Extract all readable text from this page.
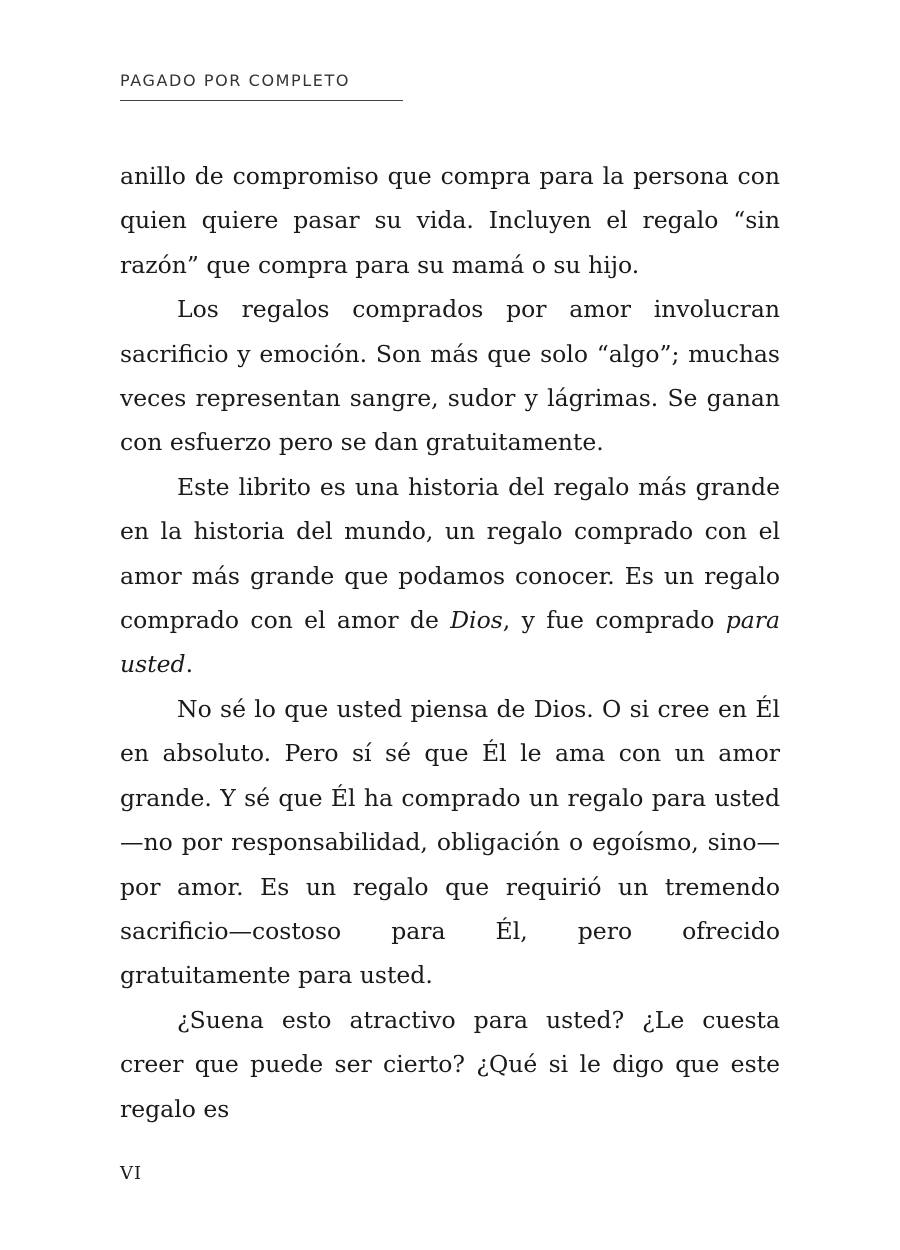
PAGADO POR COMPLETO

anillo de compromiso que compra para la persona con quien quiere pasar su vida. Incluyen el regalo “sin razón” que compra para su mamá o su hijo.

Los regalos comprados por amor involucran sacrificio y emoción. Son más que solo “algo”; muchas veces representan sangre, sudor y lágrimas. Se ganan con esfuerzo pero se dan gratuitamente.

Este librito es una historia del regalo más grande en la historia del mundo, un regalo comprado con el amor más grande que podamos conocer. Es un regalo comprado con el amor de Dios, y fue comprado para usted.

No sé lo que usted piensa de Dios. O si cree en Él en absoluto. Pero sí sé que Él le ama con un amor grande. Y sé que Él ha comprado un regalo para usted—no por responsabilidad, obligación o egoísmo, sino—por amor. Es un regalo que requirió un tremendo sacrificio—costoso para Él, pero ofrecido gratuitamente para usted.

¿Suena esto atractivo para usted? ¿Le cuesta creer que puede ser cierto? ¿Qué si le digo que este regalo es

VI
